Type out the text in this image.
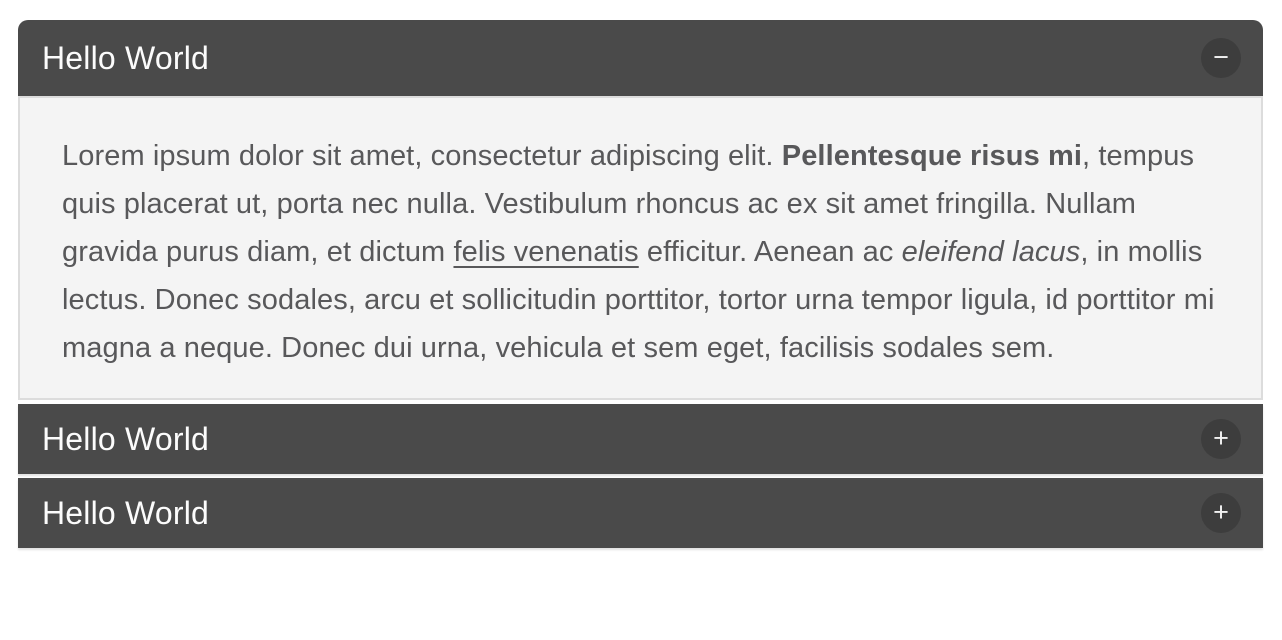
Hello World	−

Lorem ipsum dolor sit amet, consectetur adipiscing elit. Pellentesque risus mi, tempus quis placerat ut, porta nec nulla. Vestibulum rhoncus ac ex sit amet fringilla. Nullam gravida purus diam, et dictum felis venenatis efficitur. Aenean ac eleifend lacus, in mollis lectus. Donec sodales, arcu et sollicitudin porttitor, tortor urna tempor ligula, id porttitor mi magna a neque. Donec dui urna, vehicula et sem eget, facilisis sodales sem.

Hello World	+
Hello World	+
